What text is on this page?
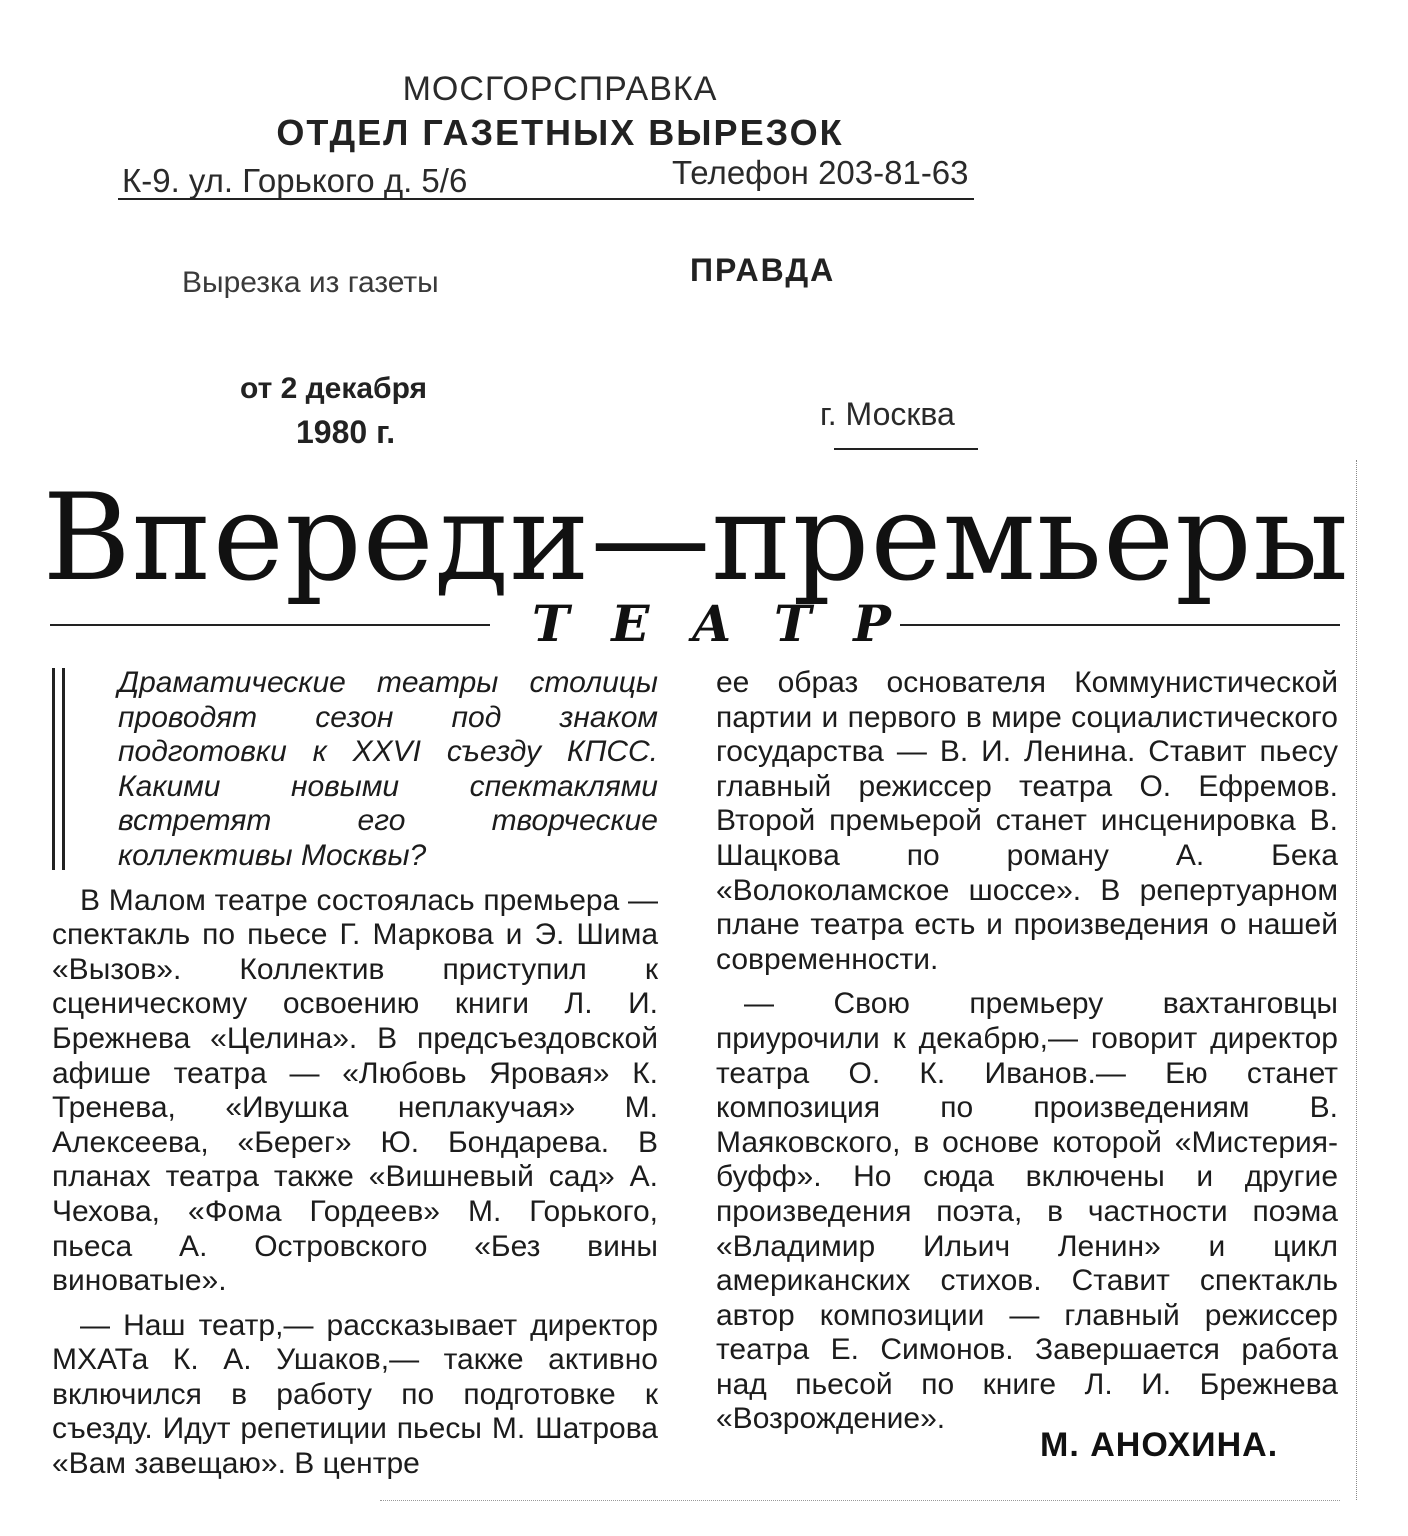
МОСГОРСПРАВКА
ОТДЕЛ ГАЗЕТНЫХ ВЫРЕЗОК
К-9. ул. Горького д. 5/6	Телефон 203-81-63
Вырезка из газеты	ПРАВДА
от 2 декабря
1980 г.	г. Москва
Впереди—премьеры
ТЕАТР

Драматические театры столицы проводят сезон под знаком подготовки к XXVI съезду КПСС. Какими новыми спектаклями встретят его творческие коллективы Москвы?

В Малом театре состоялась премьера — спектакль по пьесе Г. Маркова и Э. Шима «Вызов». Коллектив приступил к сценическому освоению книги Л. И. Брежнева «Целина». В предсъездовской афише театра — «Любовь Яровая» К. Тренева, «Ивушка неплакучая» М. Алексеева, «Берег» Ю. Бондарева. В планах театра также «Вишневый сад» А. Чехова, «Фома Гордеев» М. Горького, пьеса А. Островского «Без вины виноватые».

— Наш театр,— рассказывает директор МХАТа К. А. Ушаков,— также активно включился в работу по подготовке к съезду. Идут репетиции пьесы М. Шатрова «Вам завещаю». В центре

ее образ основателя Коммунистической партии и первого в мире социалистического государства — В. И. Ленина. Ставит пьесу главный режиссер театра О. Ефремов. Второй премьерой станет инсценировка В. Шацкова по роману А. Бека «Волоколамское шоссе». В репертуарном плане театра есть и произведения о нашей современности.

— Свою премьеру вахтанговцы приурочили к декабрю,— говорит директор театра О. К. Иванов.— Ею станет композиция по произведениям В. Маяковского, в основе которой «Мистерия-буфф». Но сюда включены и другие произведения поэта, в частности поэма «Владимир Ильич Ленин» и цикл американских стихов. Ставит спектакль автор композиции — главный режиссер театра Е. Симонов. Завершается работа над пьесой по книге Л. И. Брежнева «Возрождение».

М. АНОХИНА.
